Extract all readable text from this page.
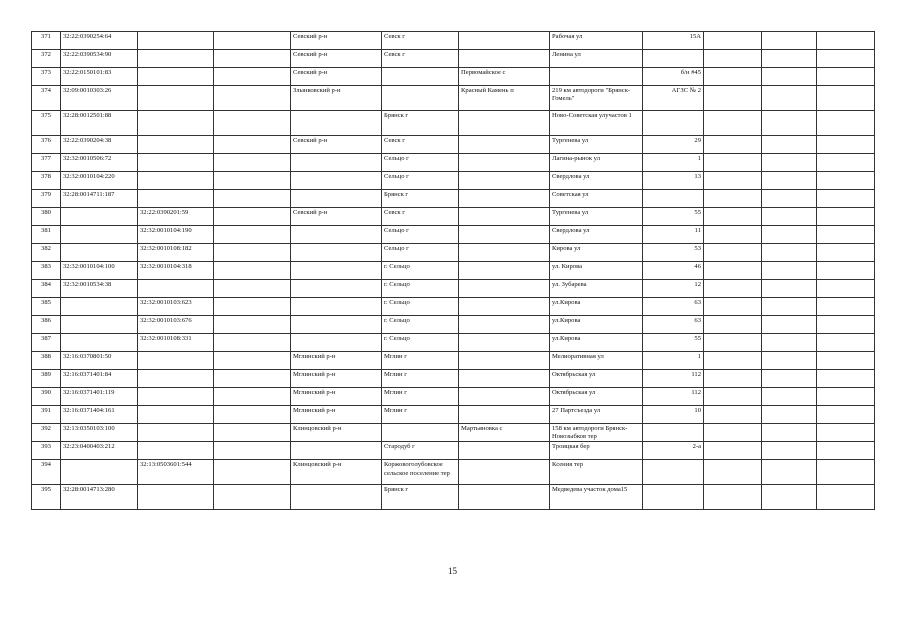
371	32:22:0390254:64			Севский р-н	Севск г		Рабочая ул	15А			
372	32:22:0390534:90			Севский р-н	Севск г		Ленина ул				
373	32:22:0150101:83			Севский р-н		Первомайское с		б/н #45			
374	32:09:0010303:26			Злынковский р-н		Красный Камень п	219 км автодороги "Брянск-Гомель"	АГЗС № 2			
375	32:28:0012501:88				Брянск г		Ново-Советская улучастов 1				
376	32:22:0390204:38			Севский р-н	Севск г		Тургенева ул	29			
377	32:32:0010506:72				Сельцо г		Лагина-рынок ул	1			
378	32:32:0010104:220				Сельцо г		Свердлова ул	13			
379	32:28:0014711:187				Брянск г		Советская ул				
380		32:22:0390201:59		Севский р-н	Севск г		Тургенева ул	55			
381		32:32:0010104:190			Сельцо г		Свердлова ул	11			
382		32:32:0010108:182			Сельцо г		Кирова ул	53			
383	32:32:0010104:100	32:32:0010104:318			г. Сельцо		ул. Кирова	46			
384	32:32:0010534:38				г. Сельцо		ул. Зубарева	12			
385		32:32:0010103:623			г. Сельцо		ул.Кирова	63			
386		32:32:0010103:676			г. Сельцо		ул.Кирова	63			
387		32:32:0010108:331			г. Сельцо		ул.Кирова	55			
388	32:16:0370801:50			Мглинский р-н	Мглин г		Мелиоративная ул	1			
389	32:16:0371401:84			Мглинский р-н	Мглин г		Октябрьская ул	112			
390	32:16:0371401:119			Мглинский р-н	Мглин г		Октябрьская ул	112			
391	32:16:0371404:161			Мглинский р-н	Мглин г		27 Партсъезда ул	10			
392	32:13:0350103:100			Клинцовский р-н		Мартьяновка с	158 км автодороги Брянск-Новозыбков тер				
393	32:23:0400403:212				Стародуб г		Троицкая бер	2-а			
394		32:13:0503601:544		Клинцовский р-н	Коржовоголубовское сельское поселение тер		Ксения тер				
395	32:28:0014713:280				Брянск г		Медведева участок дома15				
15
